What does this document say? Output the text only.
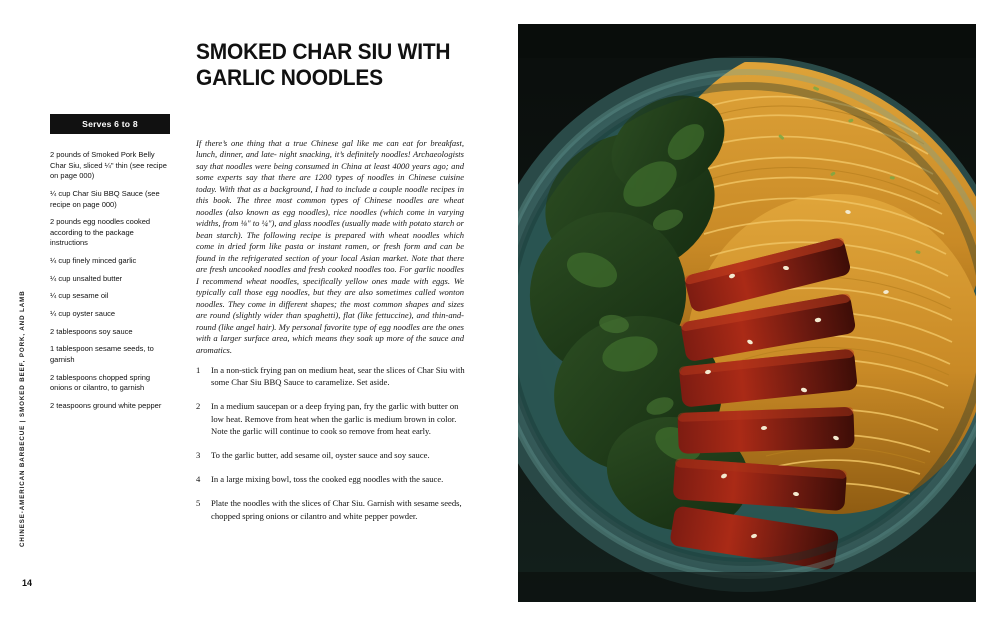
CHINESE-AMERICAN BARBECUE | SMOKED BEEF, PORK, AND LAMB
14
SMOKED CHAR SIU WITH GARLIC NOODLES
Serves 6 to 8
2 pounds of Smoked Pork Belly Char Siu, sliced ¼" thin (see recipe on page 000)
¼ cup Char Siu BBQ Sauce (see recipe on page 000)
2 pounds egg noodles cooked according to the package instructions
¼ cup finely minced garlic
¼ cup unsalted butter
¼ cup sesame oil
¼ cup oyster sauce
2 tablespoons soy sauce
1 tablespoon sesame seeds, to garnish
2 tablespoons chopped spring onions or cilantro, to garnish
2 teaspoons ground white pepper
If there’s one thing that a true Chinese gal like me can eat for breakfast, lunch, dinner, and late- night snacking, it’s definitely noodles! Archaeologists say that noodles were being consumed in China at least 4000 years ago; and some experts say that there are 1200 types of noodles in Chinese cuisine today. With that as a background, I had to include a couple noodle recipes in this book. The three most common types of Chinese noodles are wheat noodles (also known as egg noodles), rice noodles (which come in varying widths, from ⅛" to ¼"), and glass noodles (usually made with potato starch or bean starch). The following recipe is prepared with wheat noodles which come in dried form like pasta or instant ramen, or fresh form and can be found in the refrigerated section of your local Asian market. Note that there are fresh uncooked noodles and fresh cooked noodles too. For garlic noodles I recommend wheat noodles, specifically yellow ones made with eggs. We typically call those egg noodles, but they are also sometimes called wonton noodles. They come in different shapes; the most common shapes and sizes are round (slightly wider than spaghetti), flat (like fettuccine), and thin-and-round (like angel hair). My personal favorite type of egg noodles are the ones with a larger surface area, which means they soak up more of the sauce and aromatics.
1	In a non-stick frying pan on medium heat, sear the slices of Char Siu with some Char Siu BBQ Sauce to caramelize. Set aside.
2	In a medium saucepan or a deep frying pan, fry the garlic with butter on low heat. Remove from heat when the garlic is medium brown in color. Note the garlic will continue to cook so remove from heat early.
3	To the garlic butter, add sesame oil, oyster sauce and soy sauce.
4	In a large mixing bowl, toss the cooked egg noodles with the sauce.
5	Plate the noodles with the slices of Char Siu. Garnish with sesame seeds, chopped spring onions or cilantro and white pepper powder.
